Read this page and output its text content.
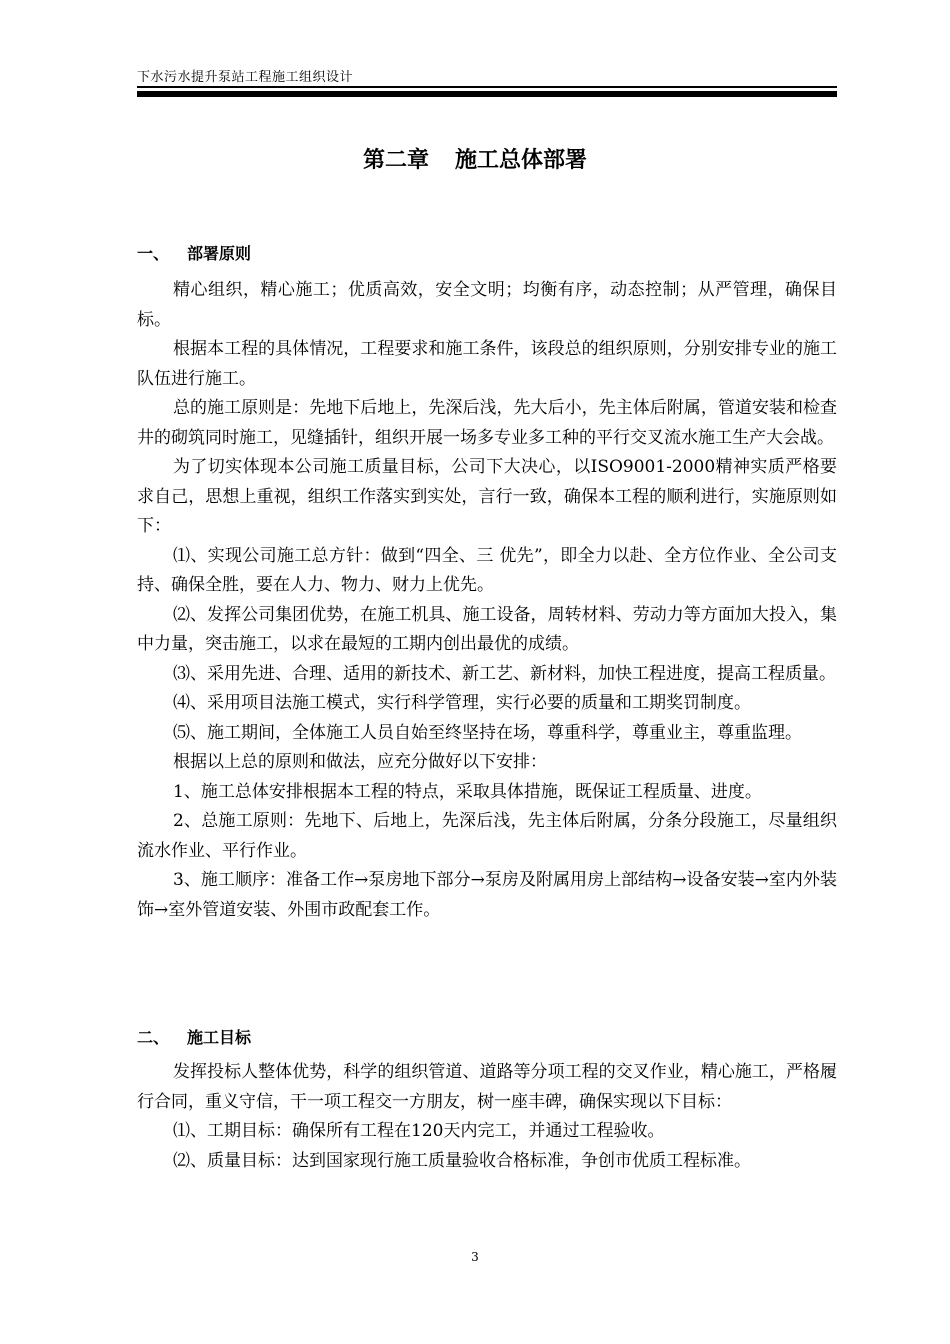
下水污水提升泵站工程施工组织设计
第二章 施工总体部署
一、 部署原则

精心组织，精心施工；优质高效，安全文明；均衡有序，动态控制；从严管理，确保目标。

根据本工程的具体情况，工程要求和施工条件，该段总的组织原则，分别安排专业的施工队伍进行施工。

总的施工原则是：先地下后地上，先深后浅，先大后小，先主体后附属，管道安装和检查井的砌筑同时施工，见缝插针，组织开展一场多专业多工种的平行交叉流水施工生产大会战。

为了切实体现本公司施工质量目标，公司下大决心，以ISO9001-2000精神实质严格要求自己，思想上重视，组织工作落实到实处，言行一致，确保本工程的顺利进行，实施原则如下：

⑴、实现公司施工总方针：做到“四全、三 优先”，即全力以赴、全方位作业、全公司支持、确保全胜，要在人力、物力、财力上优先。

⑵、发挥公司集团优势，在施工机具、施工设备，周转材料、劳动力等方面加大投入，集中力量，突击施工，以求在最短的工期内创出最优的成绩。

⑶、采用先进、合理、适用的新技术、新工艺、新材料，加快工程进度，提高工程质量。

⑷、采用项目法施工模式，实行科学管理，实行必要的质量和工期奖罚制度。

⑸、施工期间，全体施工人员自始至终坚持在场，尊重科学，尊重业主，尊重监理。

根据以上总的原则和做法，应充分做好以下安排：

1、施工总体安排根据本工程的特点，采取具体措施，既保证工程质量、进度。

2、总施工原则：先地下、后地上，先深后浅，先主体后附属，分条分段施工，尽量组织流水作业、平行作业。

3、施工顺序：准备工作→泵房地下部分→泵房及附属用房上部结构→设备安装→室内外装饰→室外管道安装、外围市政配套工作。

二、 施工目标

发挥投标人整体优势，科学的组织管道、道路等分项工程的交叉作业，精心施工，严格履行合同，重义守信，干一项工程交一方朋友，树一座丰碑，确保实现以下目标：

⑴、工期目标：确保所有工程在120天内完工，并通过工程验收。

⑵、质量目标：达到国家现行施工质量验收合格标准，争创市优质工程标准。

3
